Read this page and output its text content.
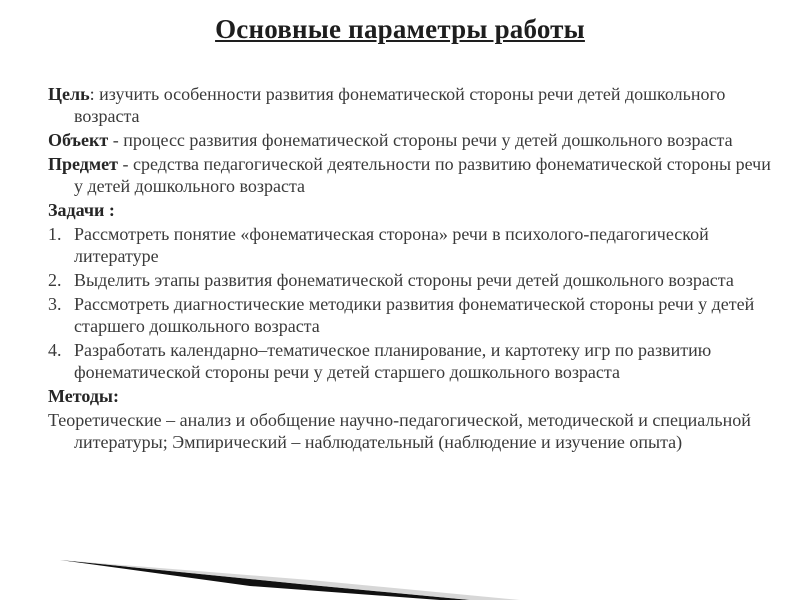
Основные параметры работы

Цель: изучить особенности развития фонематической стороны речи детей дошкольного возраста

Объект - процесс развития фонематической стороны речи у детей дошкольного возраста

Предмет - средства педагогической деятельности по развитию фонематической стороны речи у детей дошкольного возраста

Задачи :

1. Рассмотреть понятие «фонематическая сторона» речи в психолого-педагогической литературе

2. Выделить этапы развития фонематической стороны речи детей дошкольного возраста

3. Рассмотреть диагностические методики развития фонематической стороны речи у детей старшего дошкольного возраста

4. Разработать календарно–тематическое планирование, и картотеку игр по развитию фонематической стороны речи у детей старшего дошкольного возраста

Методы:

Теоретические – анализ и обобщение научно-педагогической, методической и специальной литературы; Эмпирический – наблюдательный (наблюдение и изучение опыта)
